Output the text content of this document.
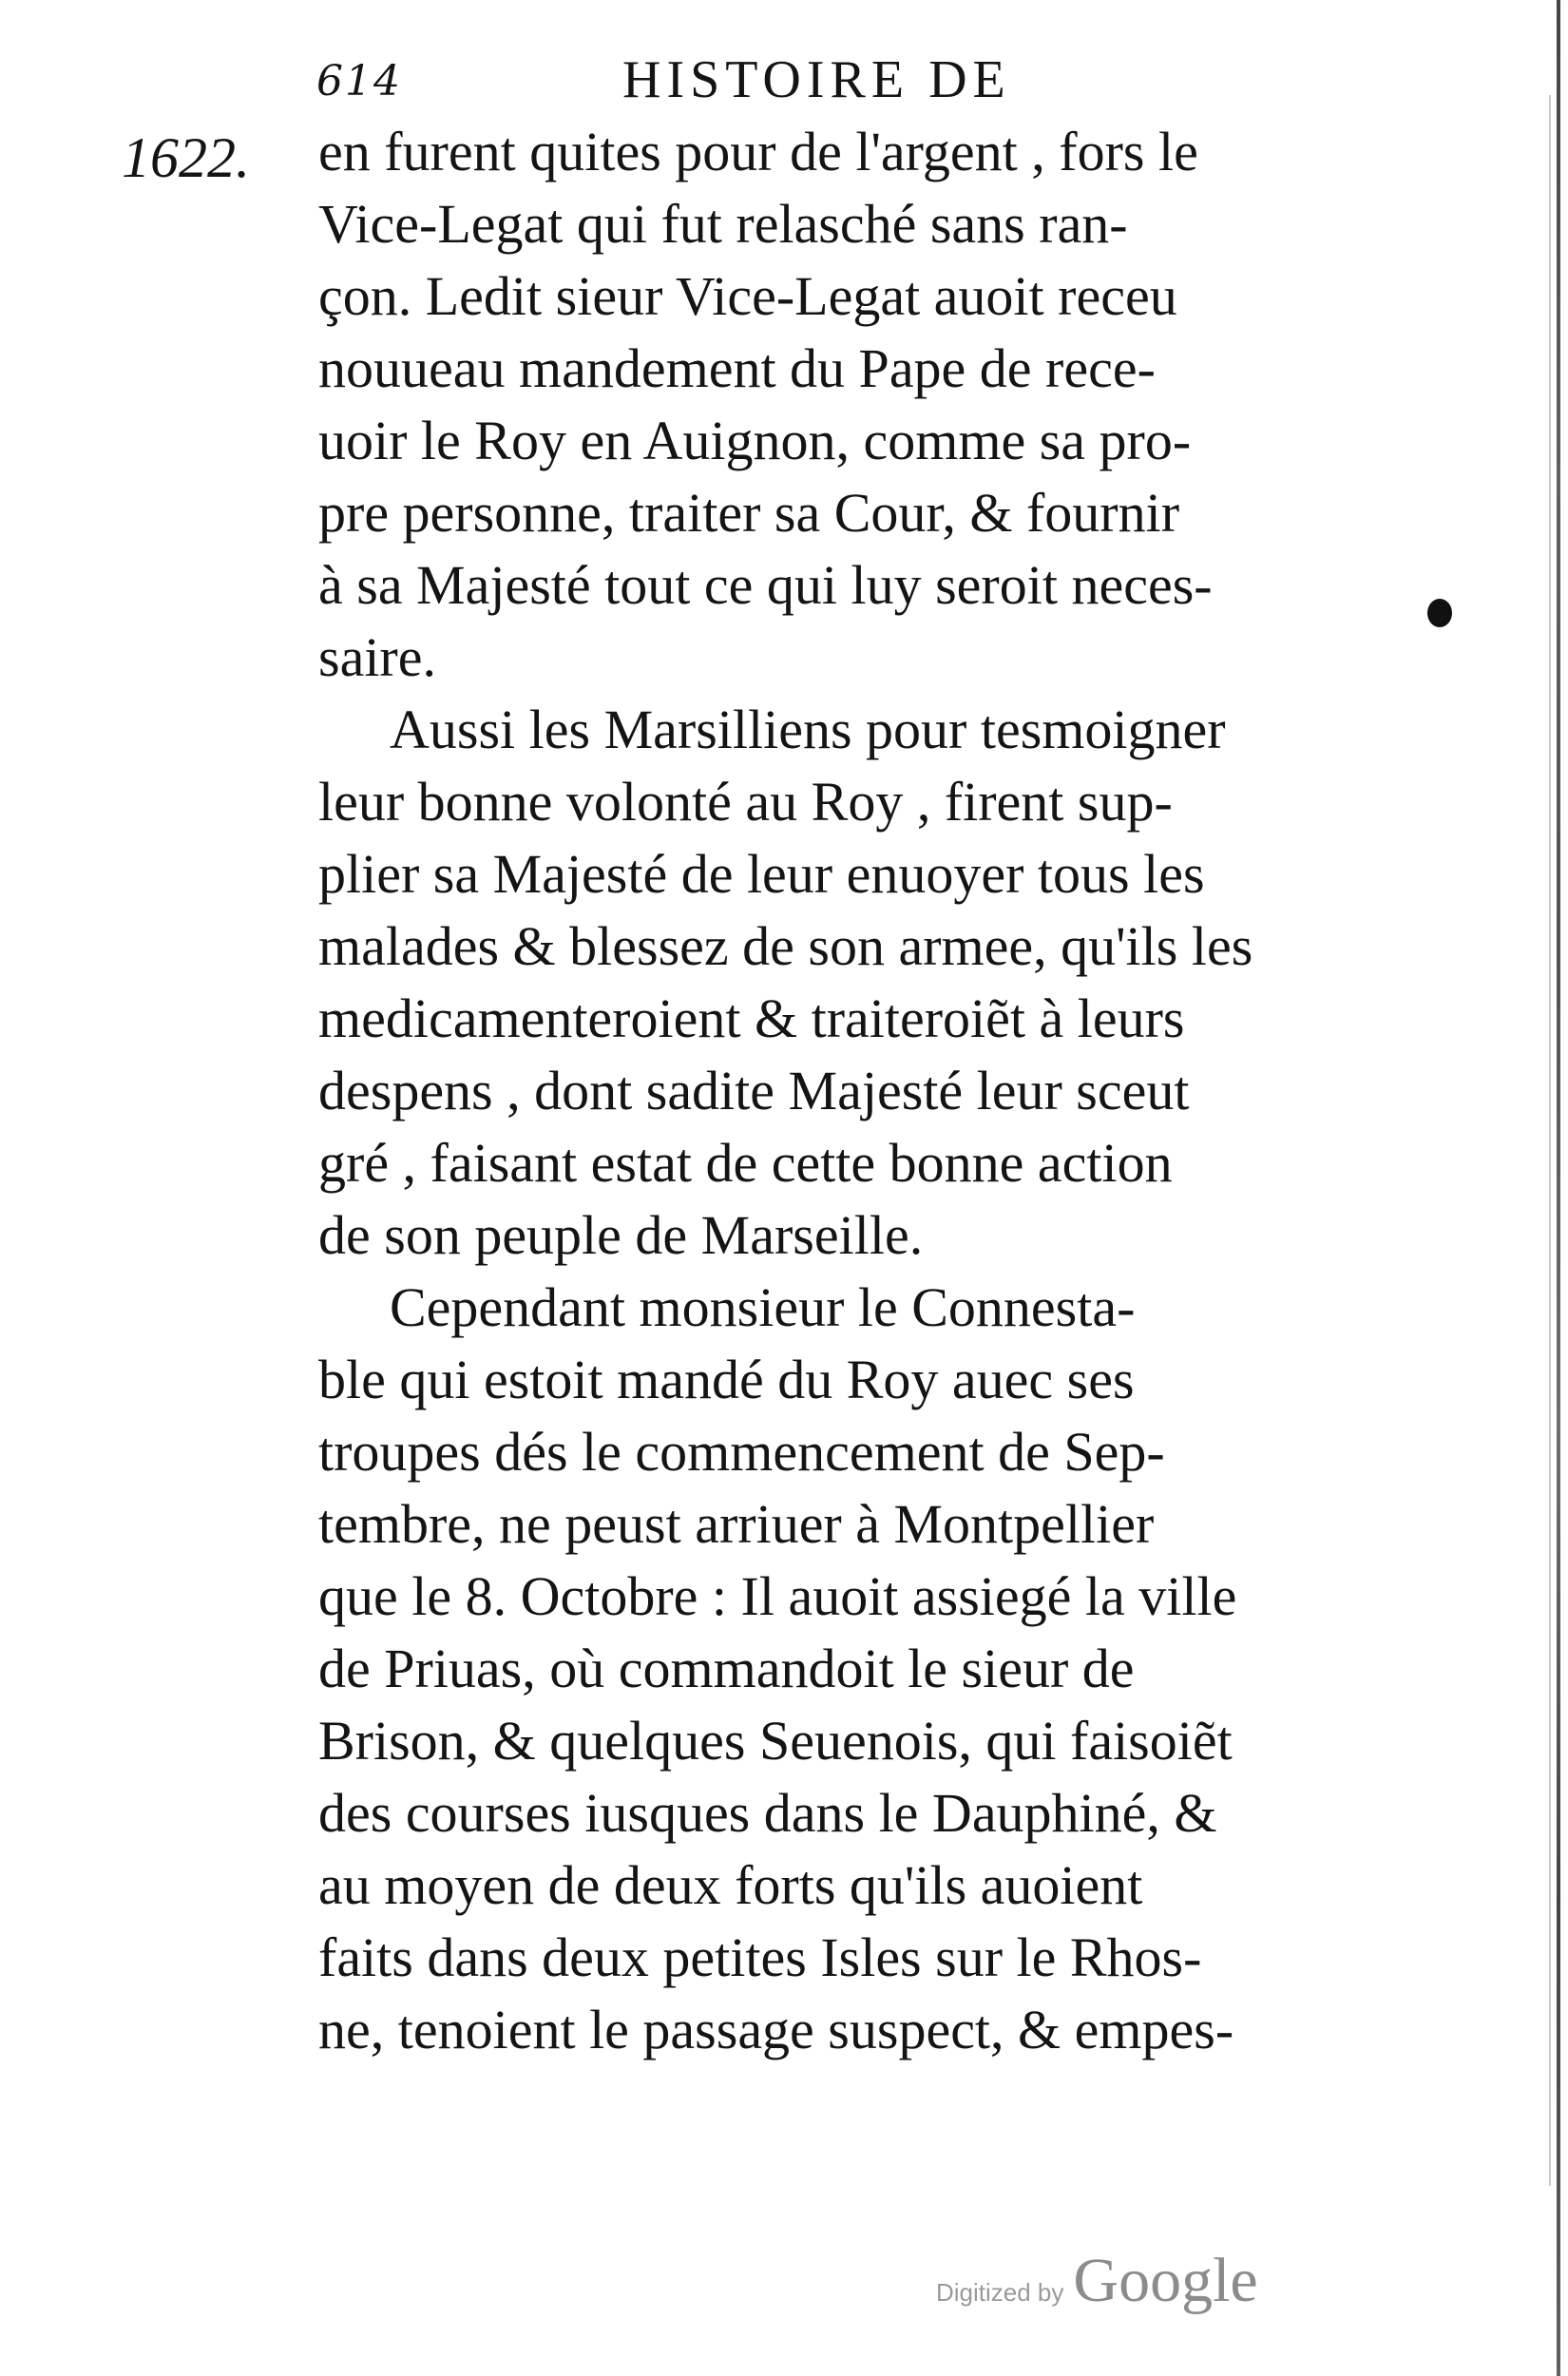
614	HISTOIRE DE
1622. en furent quites pour de l'argent , fors le
Vice-Legat qui fut relasché sans ran-
çon. Ledit sieur Vice-Legat auoit receu
nouueau mandement du Pape de rece-
uoir le Roy en Auignon, comme sa pro-
pre personne, traiter sa Cour, & fournir
à sa Majesté tout ce qui luy seroit neces-
saire.
Aussi les Marsilliens pour tesmoigner
leur bonne volonté au Roy , firent sup-
plier sa Majesté de leur enuoyer tous les
malades & blessez de son armee, qu'ils les
medicamenteroient & traiteroiẽt à leurs
despens , dont sadite Majesté leur sceut
gré , faisant estat de cette bonne action
de son peuple de Marseille.
Cependant monsieur le Connesta-
ble qui estoit mandé du Roy auec ses
troupes dés le commencement de Sep-
tembre, ne peust arriuer à Montpellier
que le 8. Octobre : Il auoit assiegé la ville
de Priuas, où commandoit le sieur de
Brison, & quelques Seuenois, qui faisoiẽt
des courses iusques dans le Dauphiné, &
au moyen de deux forts qu'ils auoient
faits dans deux petites Isles sur le Rhos-
ne, tenoient le passage suspect, & empes-
Digitized by Google
